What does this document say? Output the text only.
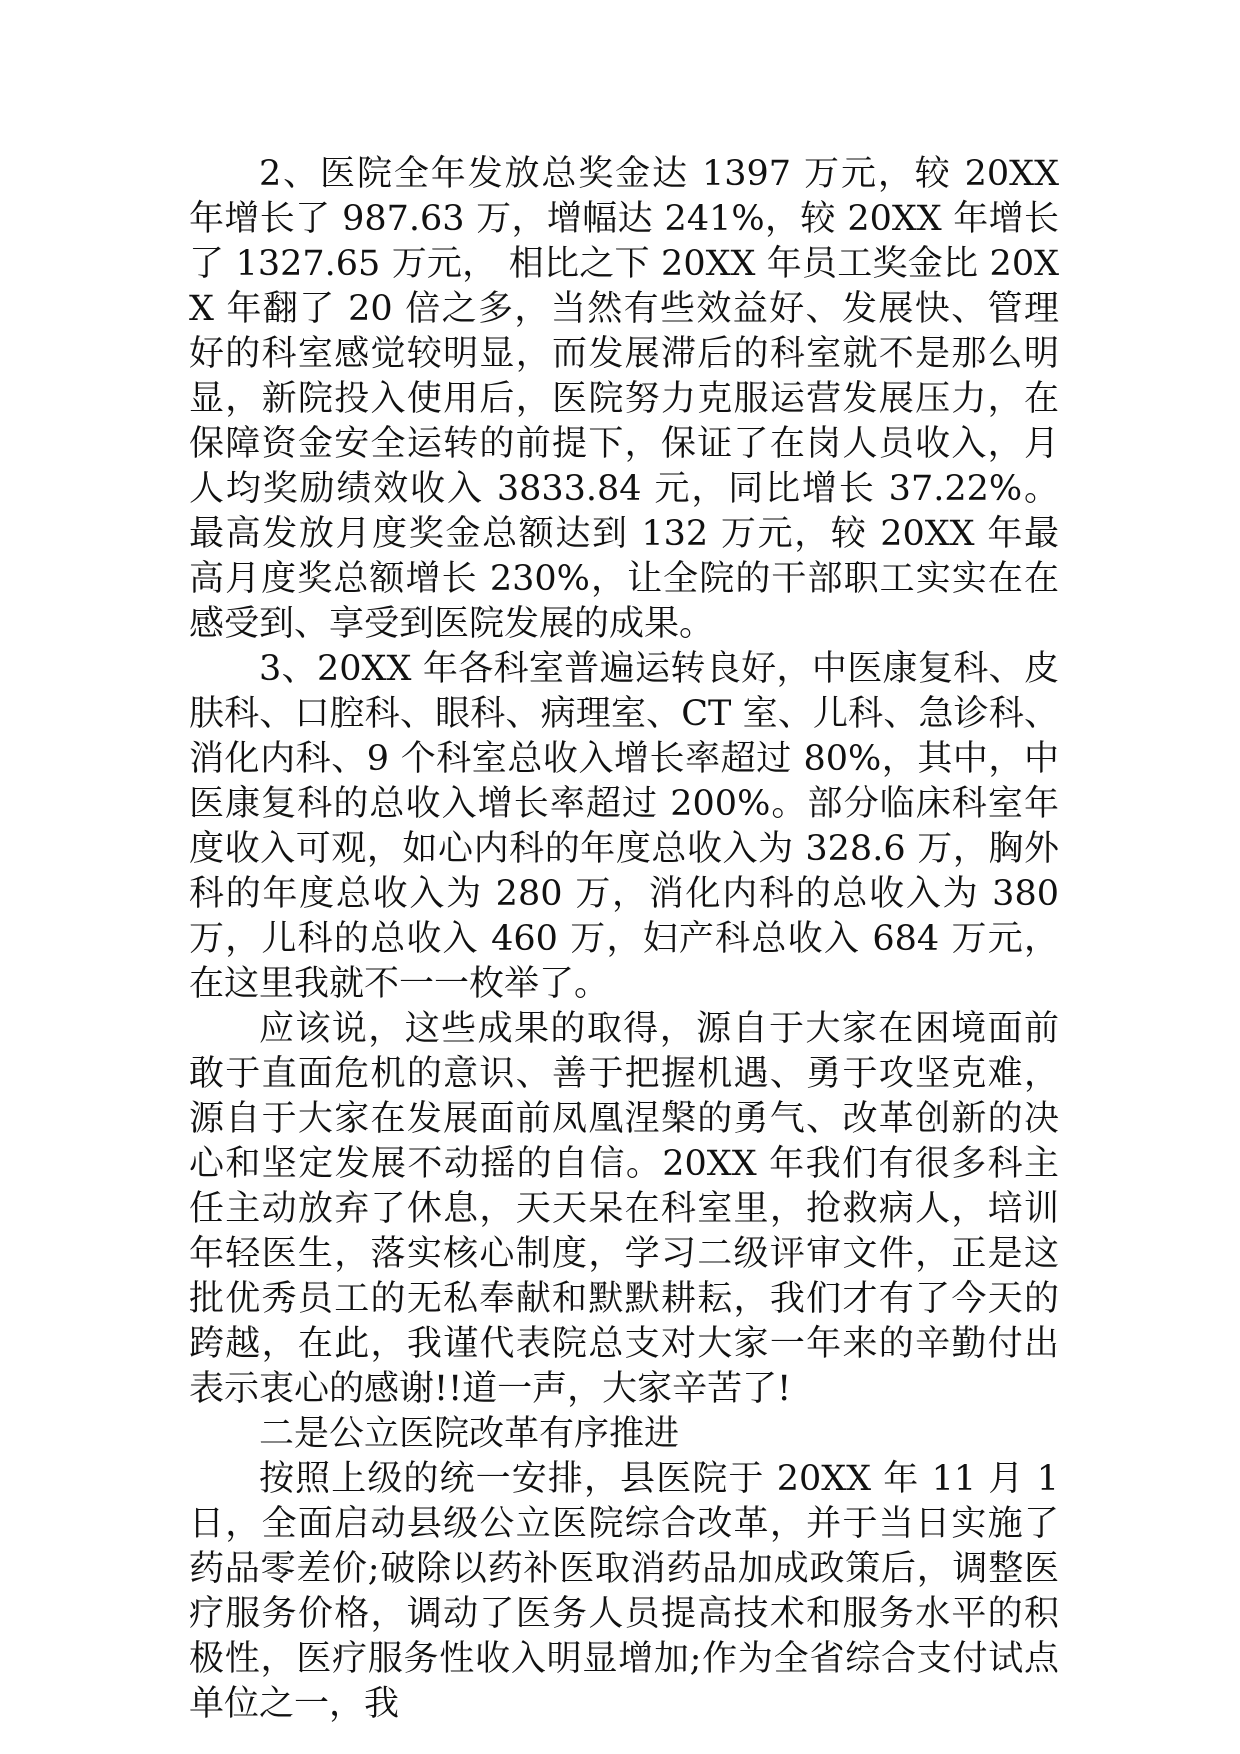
2、医院全年发放总奖金达 1397 万元，较 20XX 年增长了 987.63 万，增幅达 241%，较 20XX 年增长了 1327.65 万元， 相比之下 20XX 年员工奖金比 20XX 年翻了 20 倍之多，当然有些效益好、发展快、管理好的科室感觉较明显，而发展滞后的科室就不是那么明显，新院投入使用后，医院努力克服运营发展压力，在保障资金安全运转的前提下，保证了在岗人员收入，月人均奖励绩效收入 3833.84 元，同比增长 37.22%。最高发放月度奖金总额达到 132 万元，较 20XX 年最高月度奖总额增长 230%，让全院的干部职工实实在在感受到、享受到医院发展的成果。

3、20XX 年各科室普遍运转良好，中医康复科、皮肤科、口腔科、眼科、病理室、CT 室、儿科、急诊科、消化内科、9 个科室总收入增长率超过 80%，其中，中医康复科的总收入增长率超过 200%。部分临床科室年度收入可观，如心内科的年度总收入为 328.6 万，胸外科的年度总收入为 280 万，消化内科的总收入为 380 万，儿科的总收入 460 万，妇产科总收入 684 万元，在这里我就不一一枚举了。

应该说，这些成果的取得，源自于大家在困境面前敢于直面危机的意识、善于把握机遇、勇于攻坚克难，源自于大家在发展面前凤凰涅槃的勇气、改革创新的决心和坚定发展不动摇的自信。20XX 年我们有很多科主任主动放弃了休息，天天呆在科室里，抢救病人，培训年轻医生，落实核心制度，学习二级评审文件，正是这批优秀员工的无私奉献和默默耕耘，我们才有了今天的跨越，在此，我谨代表院总支对大家一年来的辛勤付出表示衷心的感谢!!道一声，大家辛苦了!

二是公立医院改革有序推进

按照上级的统一安排，县医院于 20XX 年 11 月 1 日，全面启动县级公立医院综合改革，并于当日实施了药品零差价;破除以药补医取消药品加成政策后，调整医疗服务价格，调动了医务人员提高技术和服务水平的积极性，医疗服务性收入明显增加;作为全省综合支付试点单位之一，我
